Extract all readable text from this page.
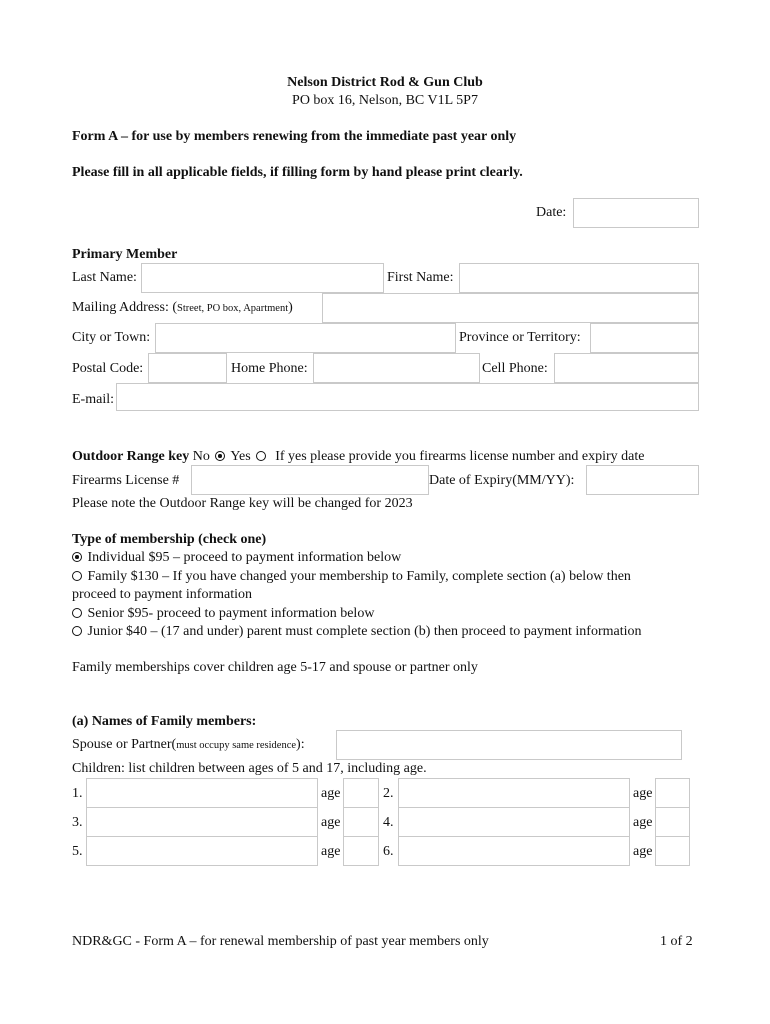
Nelson District Rod & Gun Club
PO box 16, Nelson, BC V1L 5P7
Form A – for use by members renewing from the immediate past year only
Please fill in all applicable fields, if filling form by hand please print clearly.
Date:
Primary Member
Last Name:	First Name:
Mailing Address: (Street, PO box, Apartment)
City or Town:	Province or Territory:
Postal Code:	Home Phone:	Cell Phone:
E-mail:
Outdoor Range key No Yes If yes please provide you firearms license number and expiry date
Firearms License #	Date of Expiry(MM/YY):
Please note the Outdoor Range key will be changed for 2023
Type of membership (check one)
Individual $95 – proceed to payment information below
Family $130 – If you have changed your membership to Family, complete section (a) below then
proceed to payment information
Senior $95- proceed to payment information below
Junior $40 – (17 and under) parent must complete section (b) then proceed to payment information
Family memberships cover children age 5-17 and spouse or partner only
(a) Names of Family members:
Spouse or Partner(must occupy same residence):
Children: list children between ages of 5 and 17, including age.
1.	age	2.	age
3.	age	4.	age
5.	age	6.	age
NDR&GC - Form A – for renewal membership of past year members only	1 of 2
